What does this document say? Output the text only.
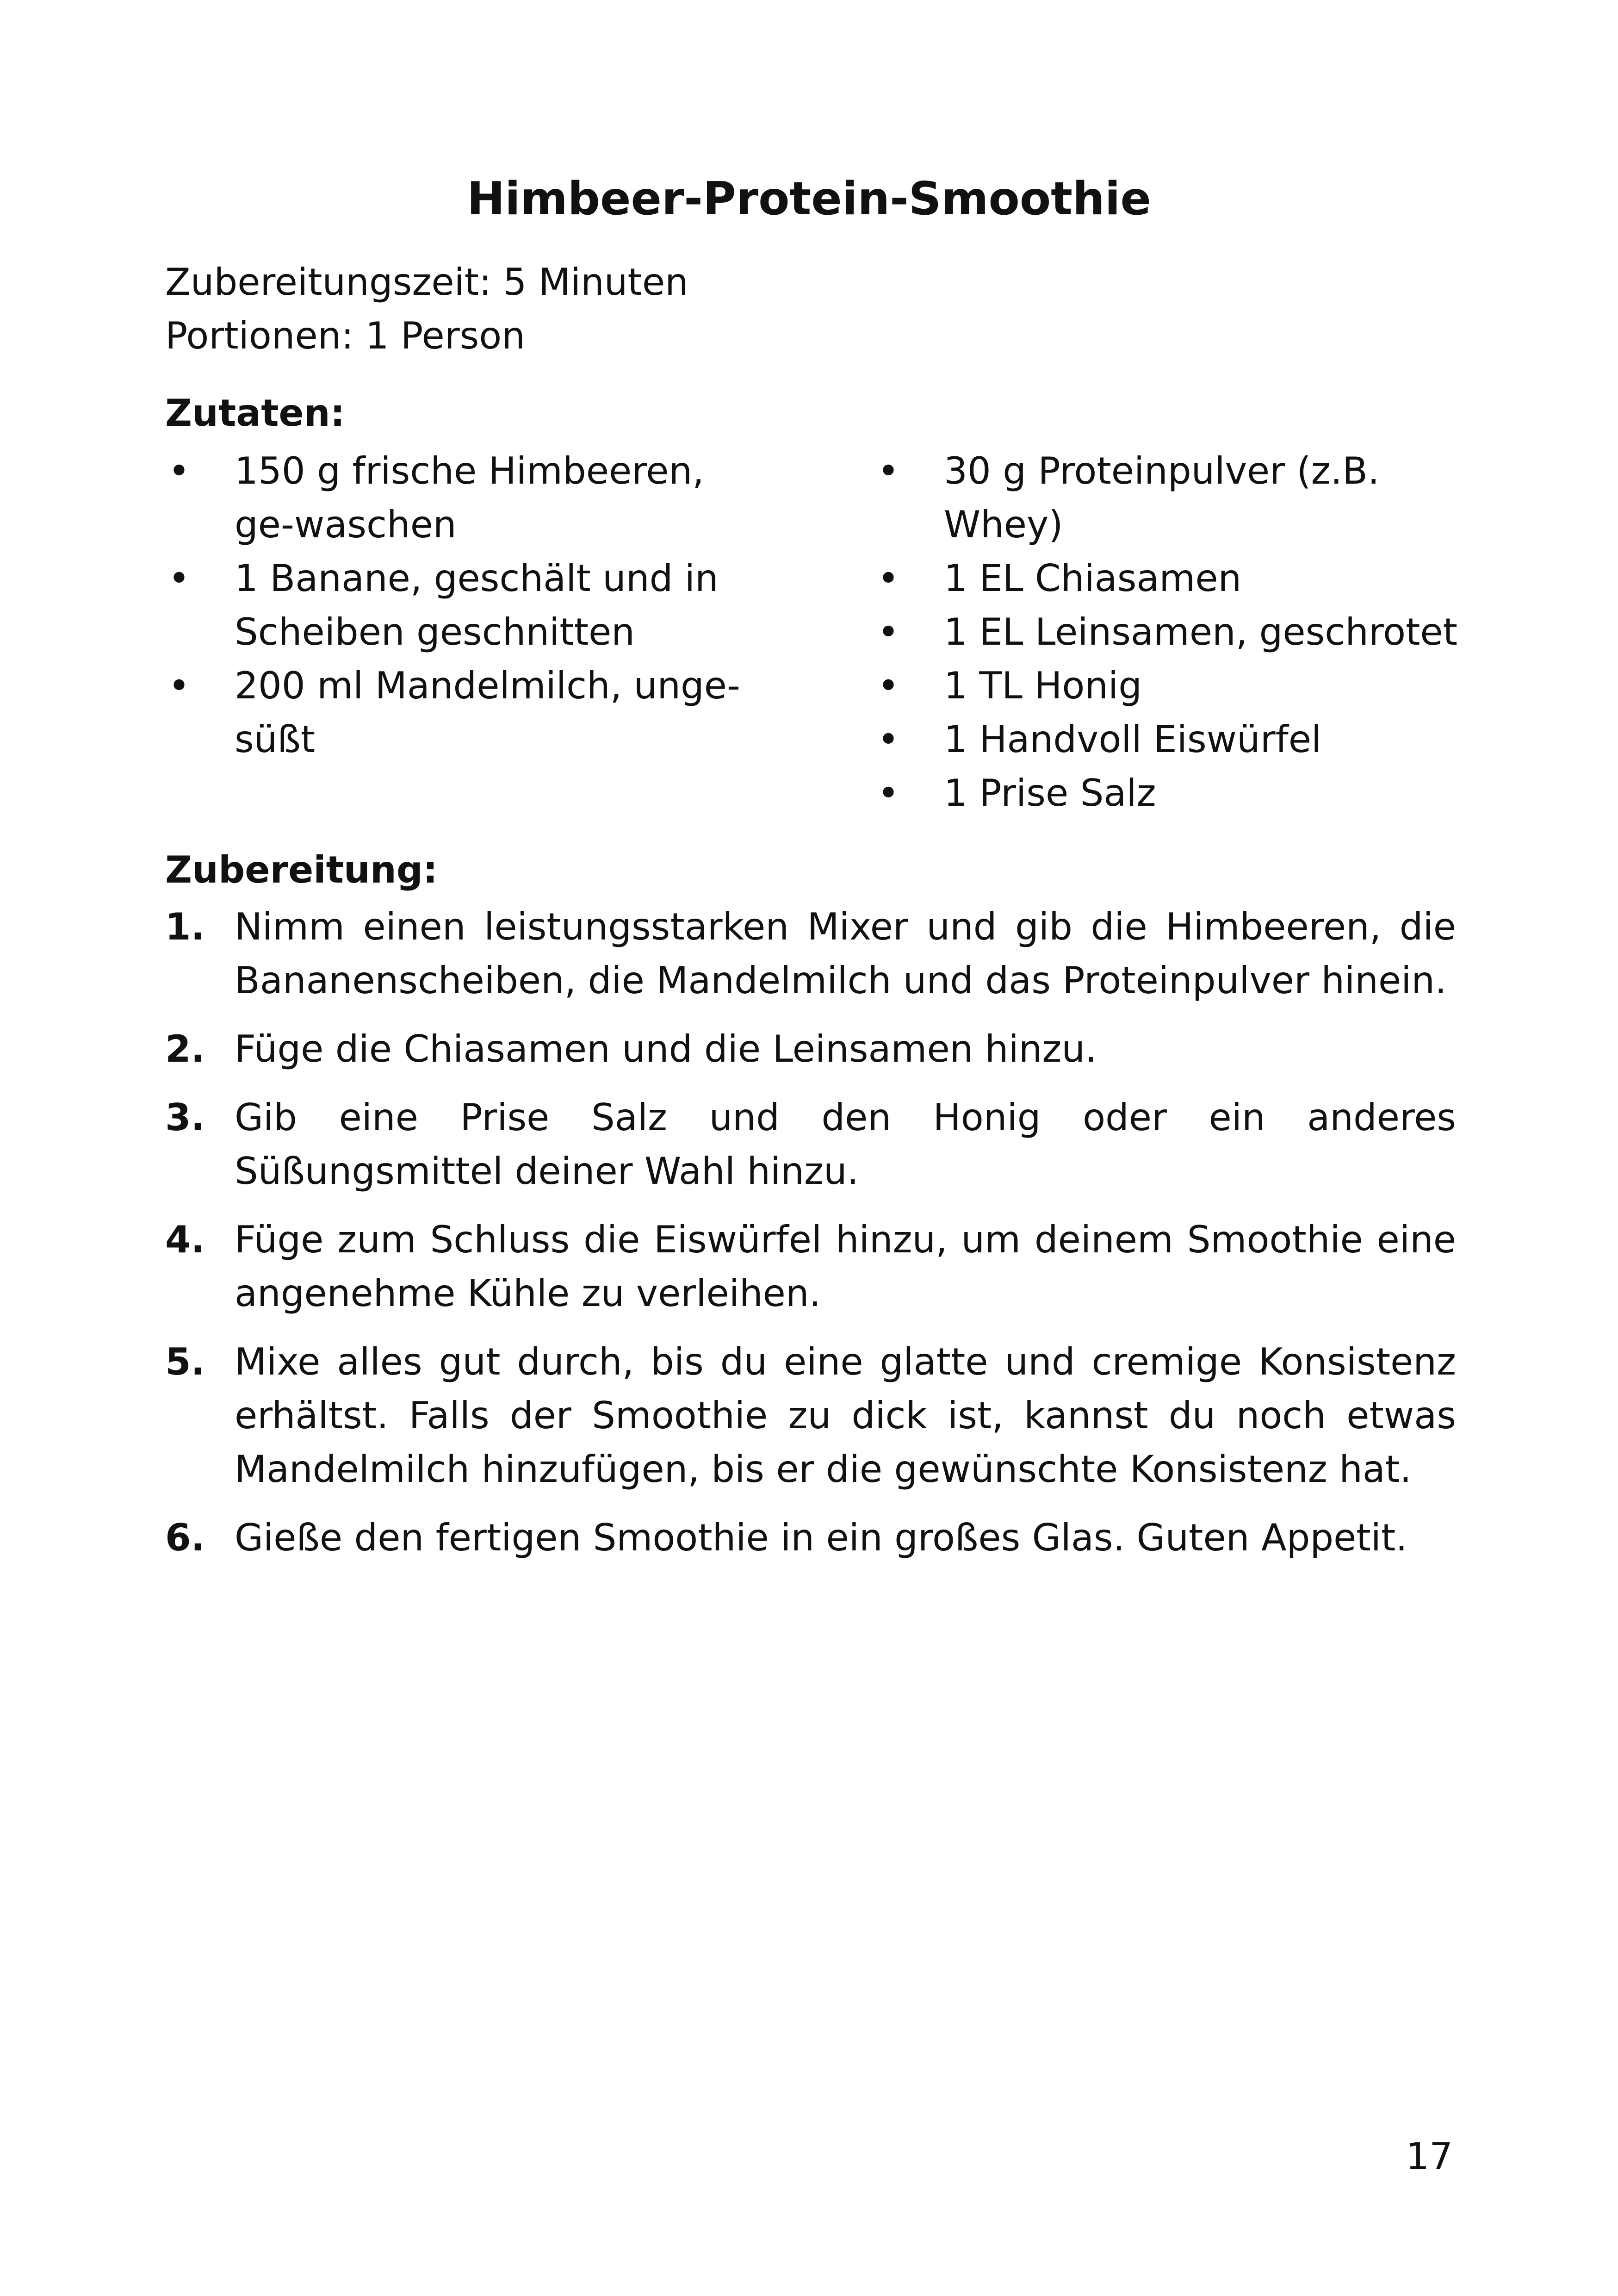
Himbeer-Protein-Smoothie

Zubereitungszeit: 5 Minuten

Portionen: 1 Person

Zutaten:
• 150 g frische Himbeeren, ge-waschen
• 1 Banane, geschält und in Scheiben geschnitten
• 200 ml Mandelmilch, unge-süßt
• 30 g Proteinpulver (z.B. Whey)
• 1 EL Chiasamen
• 1 EL Leinsamen, geschrotet
• 1 TL Honig
• 1 Handvoll Eiswürfel
• 1 Prise Salz
Zubereitung:
1. Nimm einen leistungsstarken Mixer und gib die Himbeeren, die Bananenscheiben, die Mandelmilch und das Proteinpulver hinein.
2. Füge die Chiasamen und die Leinsamen hinzu.
3. Gib eine Prise Salz und den Honig oder ein anderes Süßungsmittel deiner Wahl hinzu.
4. Füge zum Schluss die Eiswürfel hinzu, um deinem Smoothie eine angenehme Kühle zu verleihen.
5. Mixe alles gut durch, bis du eine glatte und cremige Konsistenz erhältst. Falls der Smoothie zu dick ist, kannst du noch etwas Mandelmilch hinzufügen, bis er die gewünschte Konsistenz hat.
6. Gieße den fertigen Smoothie in ein großes Glas. Guten Appetit.

17
